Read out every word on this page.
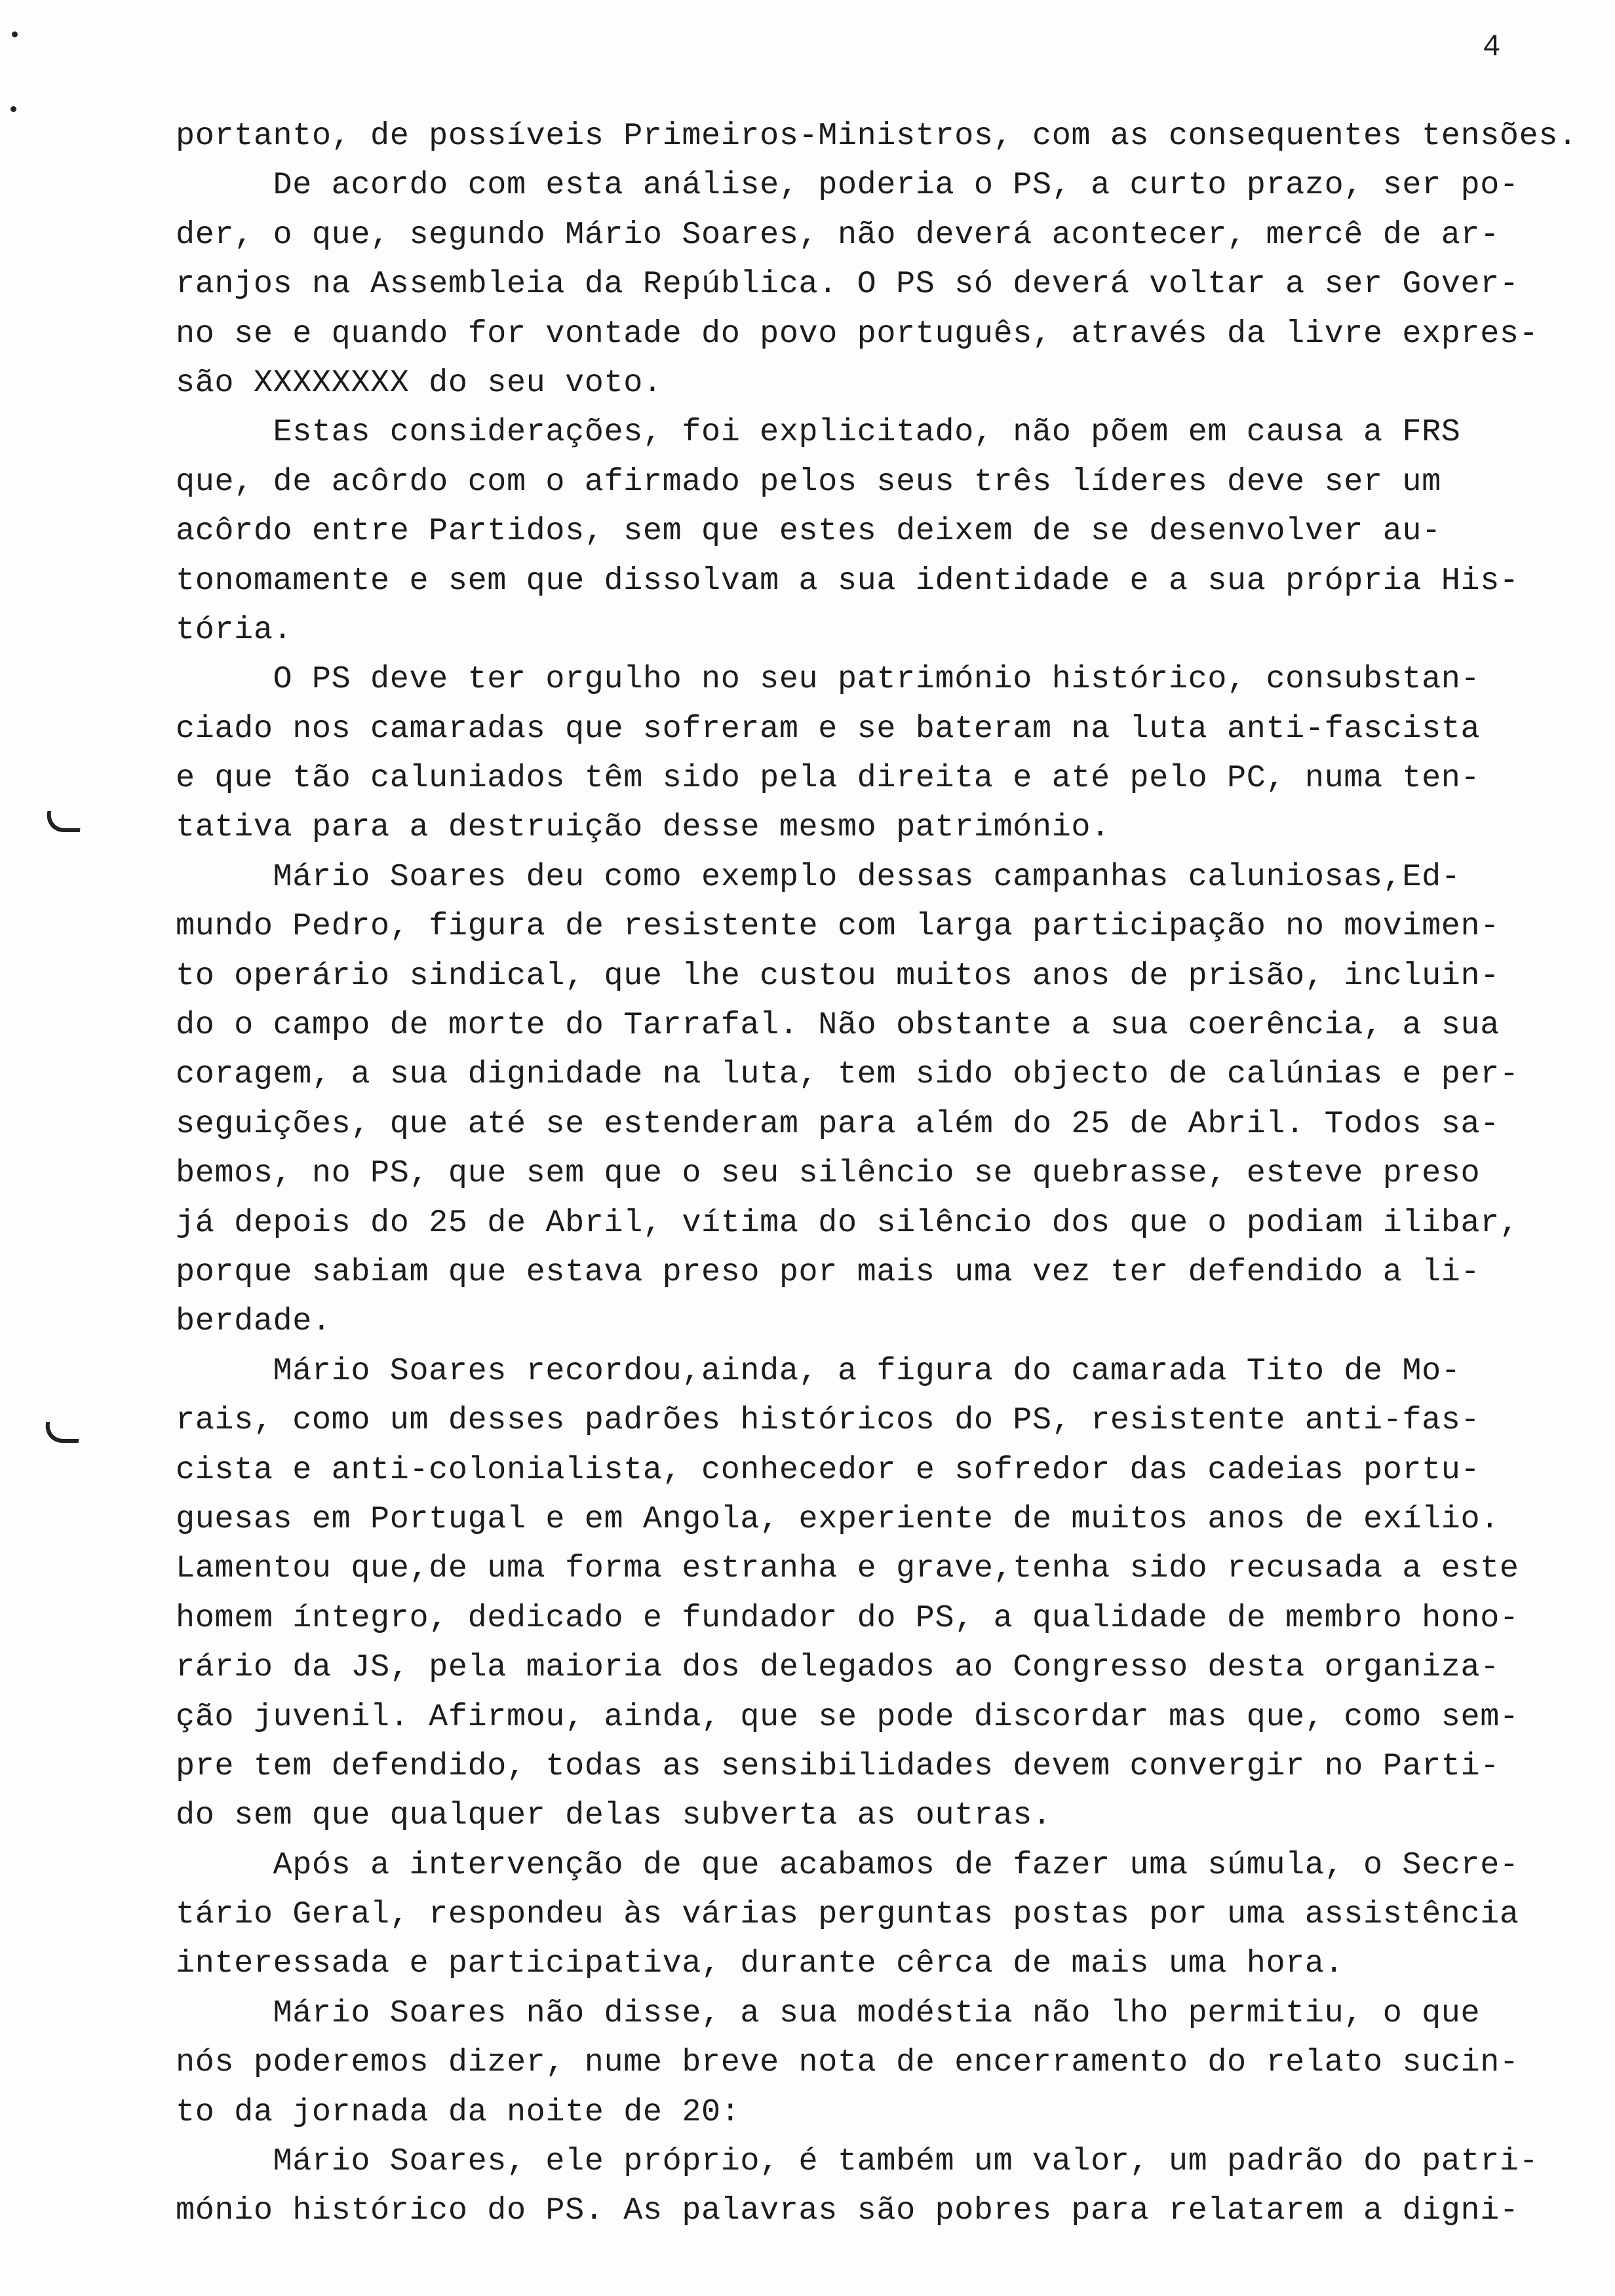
4
portanto, de possíveis Primeiros-Ministros, com as consequentes tensões.
De acordo com esta análise, poderia o PS, a curto prazo, ser po-
der, o que, segundo Mário Soares, não deverá acontecer, mercê de ar-
ranjos na Assembleia da República. O PS só deverá voltar a ser Gover-
no se e quando for vontade do povo português, através da livre expres-
são XXXXXXXX do seu voto.
Estas considerações, foi explicitado, não põem em causa a FRS
que, de acôrdo com o afirmado pelos seus três líderes deve ser um
acôrdo entre Partidos, sem que estes deixem de se desenvolver au-
tonomamente e sem que dissolvam a sua identidade e a sua própria His-
tória.
O PS deve ter orgulho no seu património histórico, consubstan-
ciado nos camaradas que sofreram e se bateram na luta anti-fascista
e que tão caluniados têm sido pela direita e até pelo PC, numa ten-
tativa para a destruição desse mesmo património.
Mário Soares deu como exemplo dessas campanhas caluniosas,Ed-
mundo Pedro, figura de resistente com larga participação no movimen-
to operário sindical, que lhe custou muitos anos de prisão, incluin-
do o campo de morte do Tarrafal. Não obstante a sua coerência, a sua
coragem, a sua dignidade na luta, tem sido objecto de calúnias e per-
seguições, que até se estenderam para além do 25 de Abril. Todos sa-
bemos, no PS, que sem que o seu silêncio se quebrasse, esteve preso
já depois do 25 de Abril, vítima do silêncio dos que o podiam ilibar,
porque sabiam que estava preso por mais uma vez ter defendido a li-
berdade.
Mário Soares recordou,ainda, a figura do camarada Tito de Mo-
rais, como um desses padrões históricos do PS, resistente anti-fas-
cista e anti-colonialista, conhecedor e sofredor das cadeias portu-
guesas em Portugal e em Angola, experiente de muitos anos de exílio.
Lamentou que,de uma forma estranha e grave,tenha sido recusada a este
homem íntegro, dedicado e fundador do PS, a qualidade de membro hono-
rário da JS, pela maioria dos delegados ao Congresso desta organiza-
ção juvenil. Afirmou, ainda, que se pode discordar mas que, como sem-
pre tem defendido, todas as sensibilidades devem convergir no Parti-
do sem que qualquer delas subverta as outras.
Após a intervenção de que acabamos de fazer uma súmula, o Secre-
tário Geral, respondeu às várias perguntas postas por uma assistência
interessada e participativa, durante cêrca de mais uma hora.
Mário Soares não disse, a sua modéstia não lho permitiu, o que
nós poderemos dizer, nume breve nota de encerramento do relato sucin-
to da jornada da noite de 20:
Mário Soares, ele próprio, é também um valor, um padrão do patri-
mónio histórico do PS. As palavras são pobres para relatarem a digni-
